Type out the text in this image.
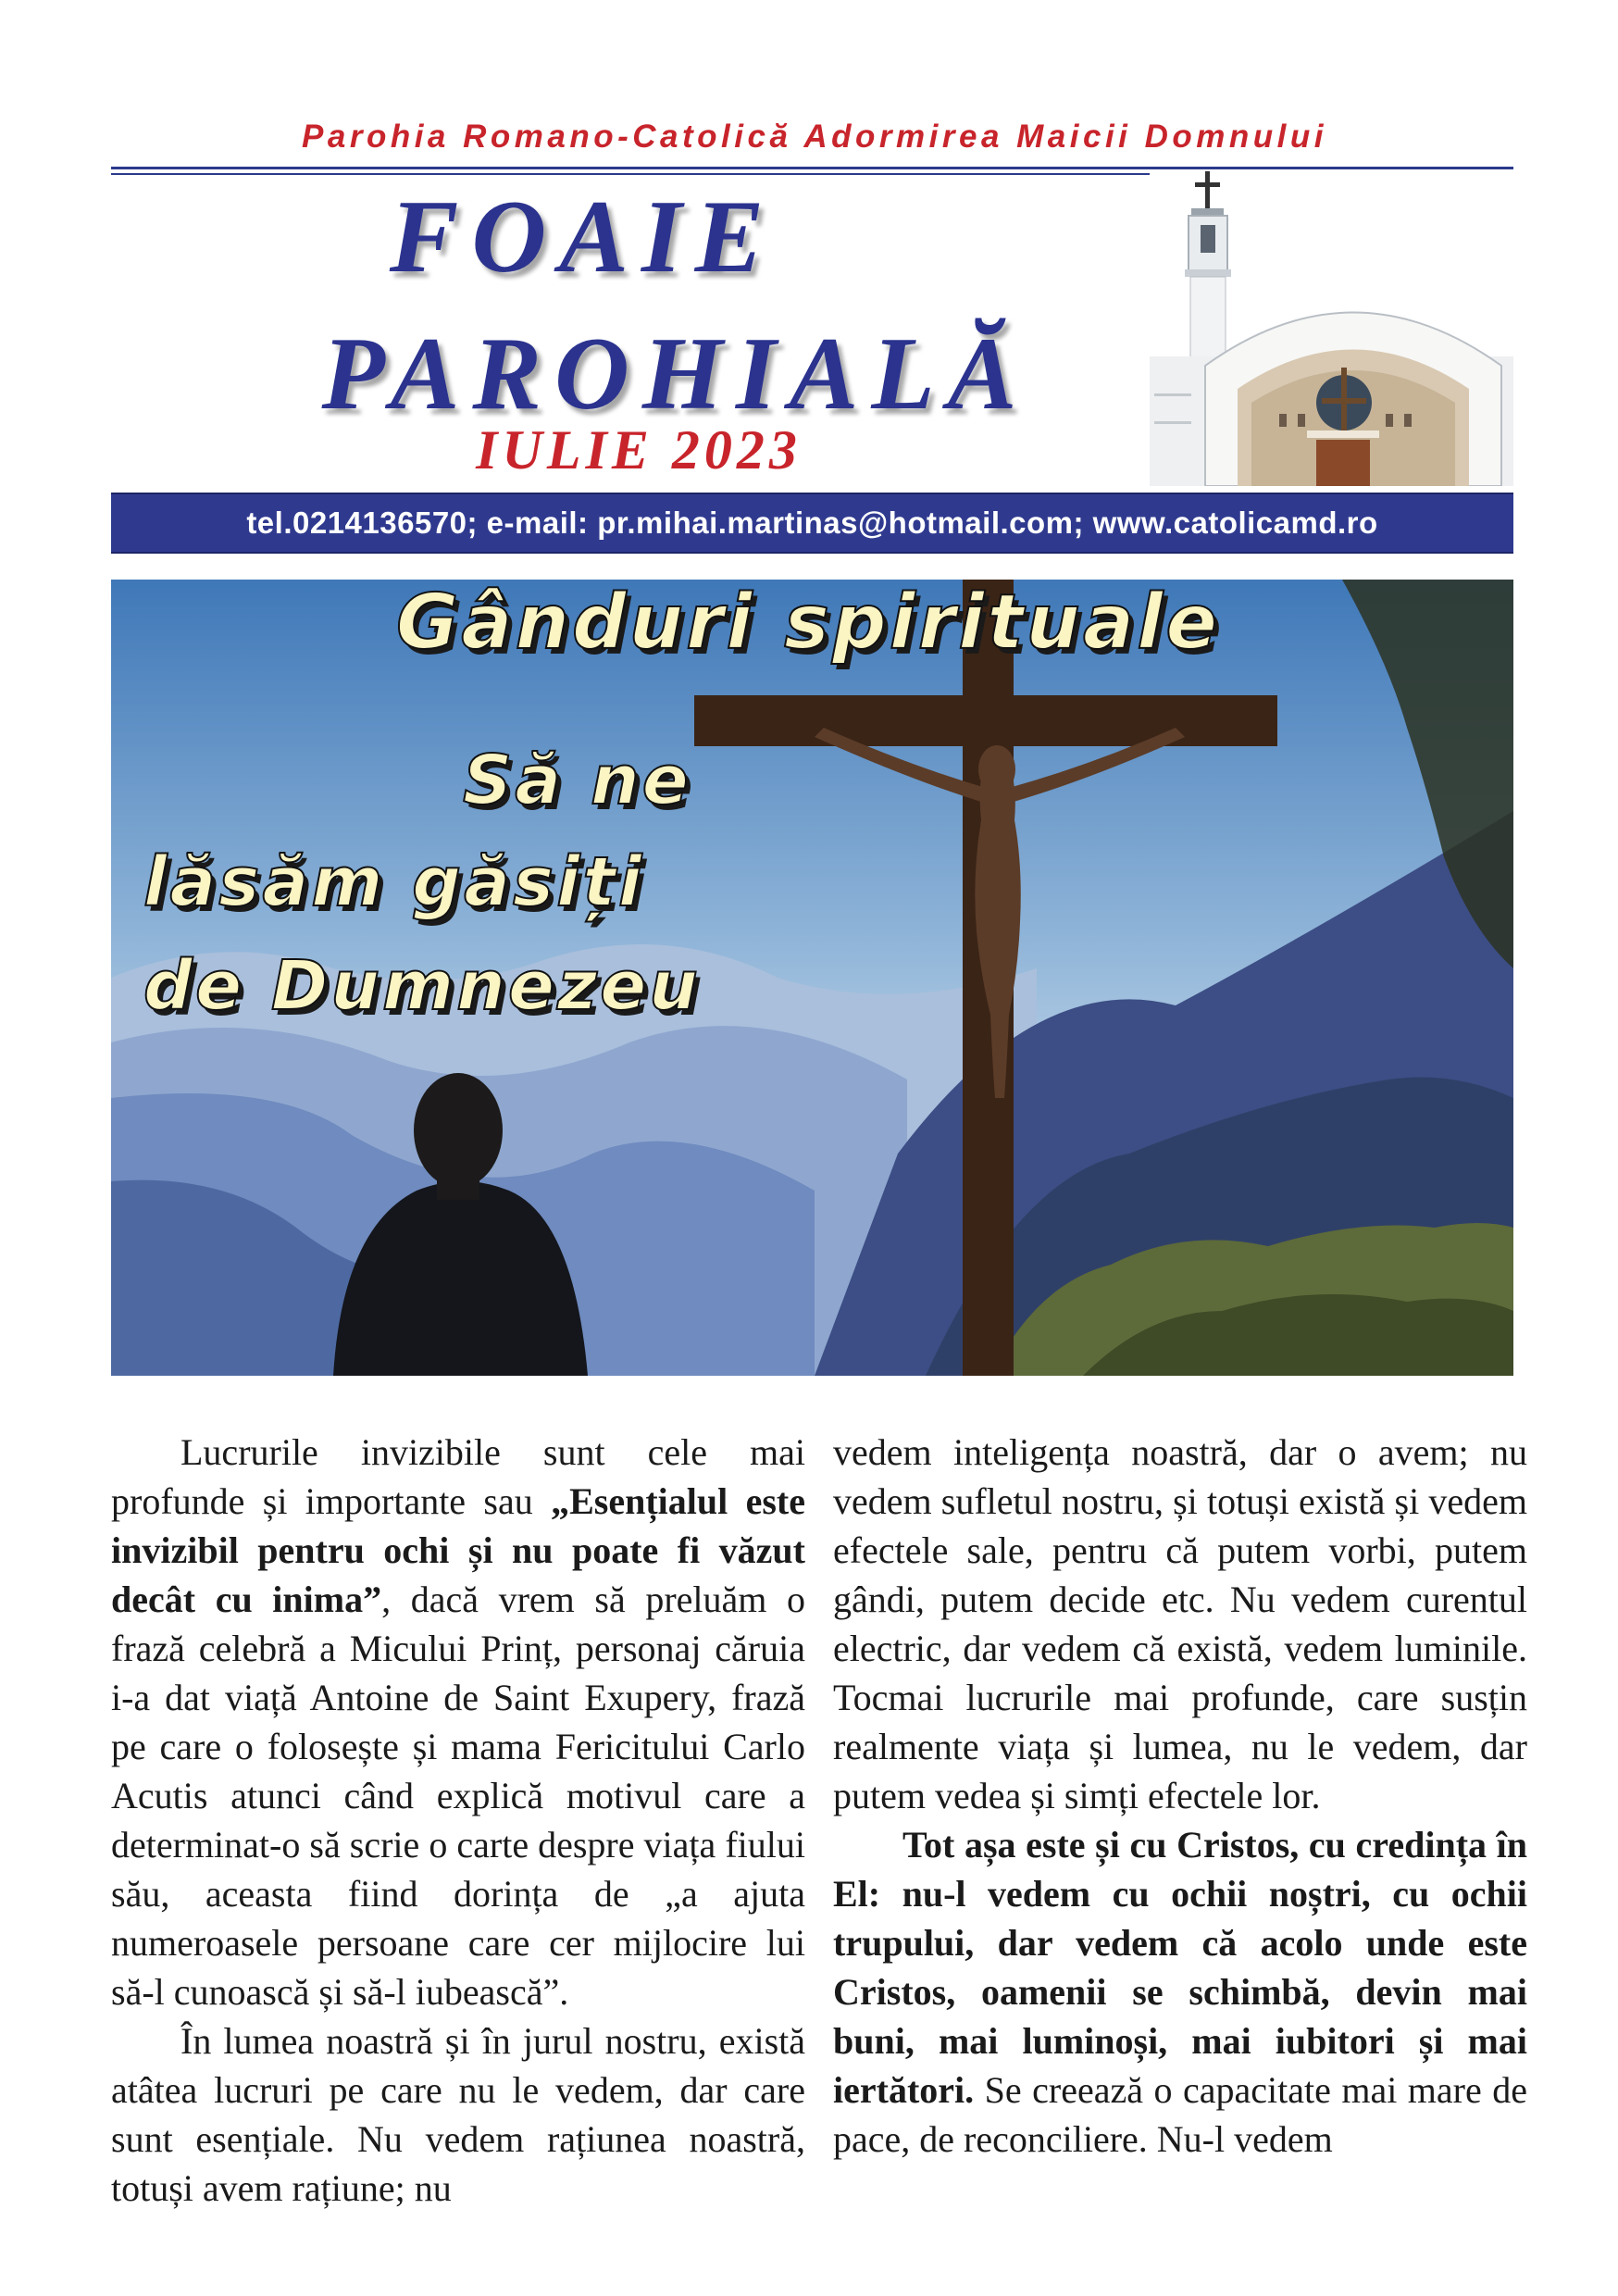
Parohia Romano-Catolică Adormirea Maicii Domnului
FOAIE
PAROHIALĂ
IULIE 2023
tel.0214136570; e-mail: pr.mihai.martinas@hotmail.com; www.catolicamd.ro
Gânduri spirituale
Să ne
lăsăm găsiți
de Dumnezeu

Lucrurile invizibile sunt cele mai profunde și importante sau „Esențialul este invizibil pentru ochi și nu poate fi văzut decât cu inima”, dacă vrem să preluăm o frază celebră a Micului Prinț, personaj căruia i-a dat viață Antoine de Saint Exupery, frază pe care o folosește și mama Fericitului Carlo Acutis atunci când explică motivul care a determinat-o să scrie o carte despre viața fiului său, aceasta fiind dorința de „a ajuta numeroasele persoane care cer mijlocire lui să-l cunoască și să-l iubească”.

În lumea noastră și în jurul nostru, există atâtea lucruri pe care nu le vedem, dar care sunt esențiale. Nu vedem rațiunea noastră, totuși avem rațiune; nu

vedem inteligența noastră, dar o avem; nu vedem sufletul nostru, și totuși există și vedem efectele sale, pentru că putem vorbi, putem gândi, putem decide etc. Nu vedem curentul electric, dar vedem că există, vedem luminile. Tocmai lucrurile mai profunde, care susțin realmente viața și lumea, nu le vedem, dar putem vedea și simți efectele lor.

Tot așa este și cu Cristos, cu credința în El: nu-l vedem cu ochii noștri, cu ochii trupului, dar vedem că acolo unde este Cristos, oamenii se schimbă, devin mai buni, mai luminoși, mai iubitori și mai iertători. Se creează o capacitate mai mare de pace, de reconciliere. Nu-l vedem
